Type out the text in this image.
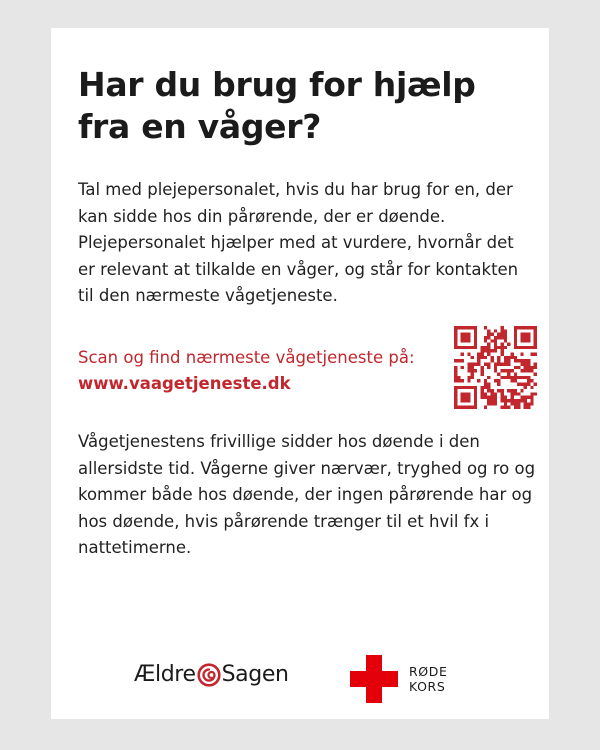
Har du brug for hjælp fra en våger?

Tal med plejepersonalet, hvis du har brug for en, der kan sidde hos din pårørende, der er døende. Plejepersonalet hjælper med at vurdere, hvornår det er relevant at tilkalde en våger, og står for kontakten til den nærmeste vågetjeneste.

Scan og find nærmeste vågetjeneste på:
www.vaagetjeneste.dk

Vågetjenestens frivillige sidder hos døende i den allersidste tid. Vågerne giver nærvær, tryghed og ro og kommer både hos døende, der ingen pårørende har og hos døende, hvis pårørende trænger til et hvil fx i nattetimerne.

Ældre Sagen	RØDE
KORS
